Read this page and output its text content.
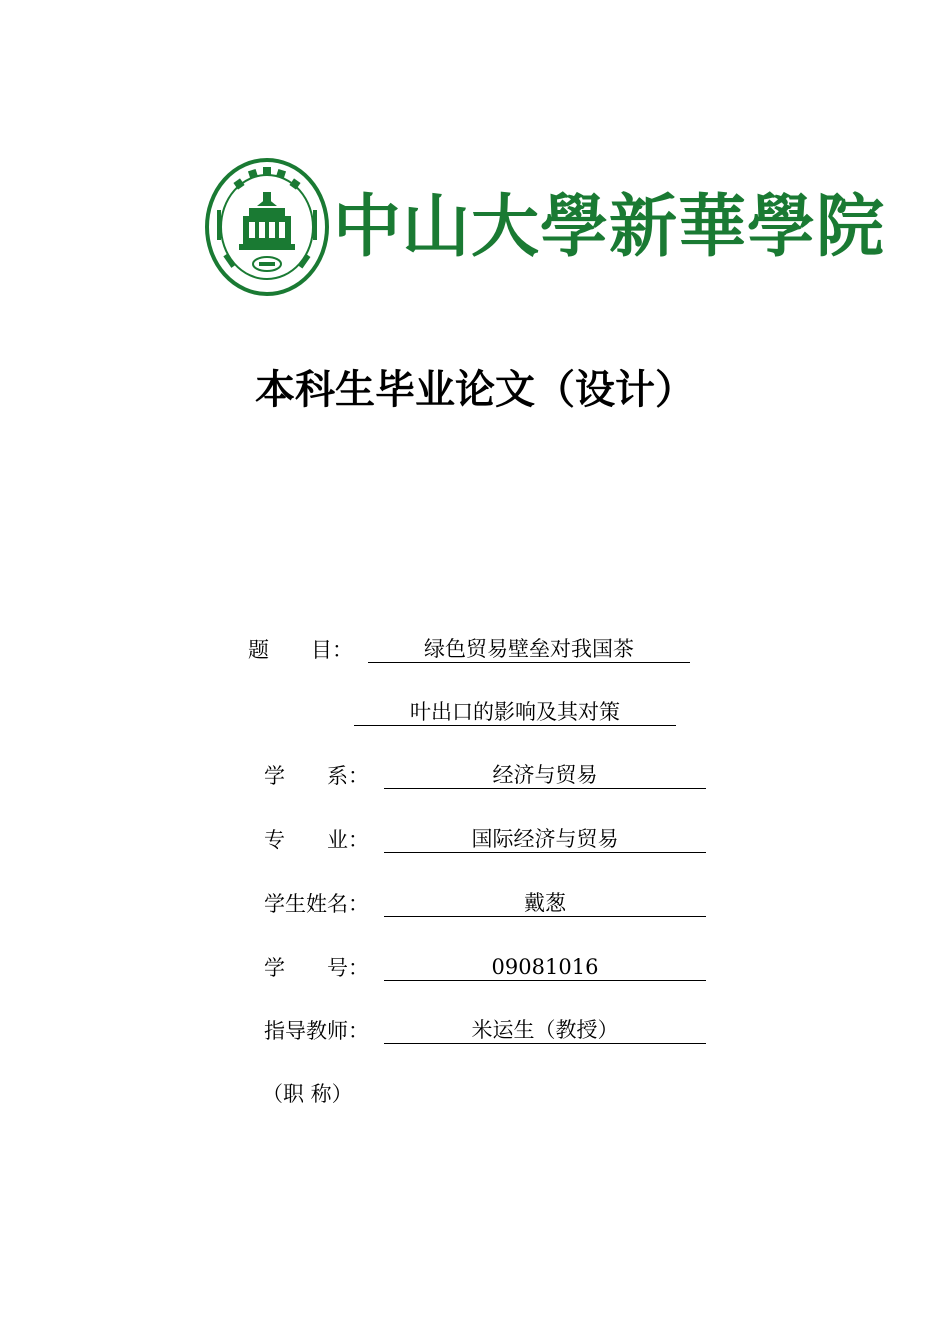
中山大學新華學院
本科生毕业论文（设计）
题　　目：	绿色贸易壁垒对我国茶
叶出口的影响及其对策
学　　系：	经济与贸易
专　　业：	国际经济与贸易
学生姓名：	戴葱
学　　号：	09081016
指导教师：	米运生（教授）
（职 称）
